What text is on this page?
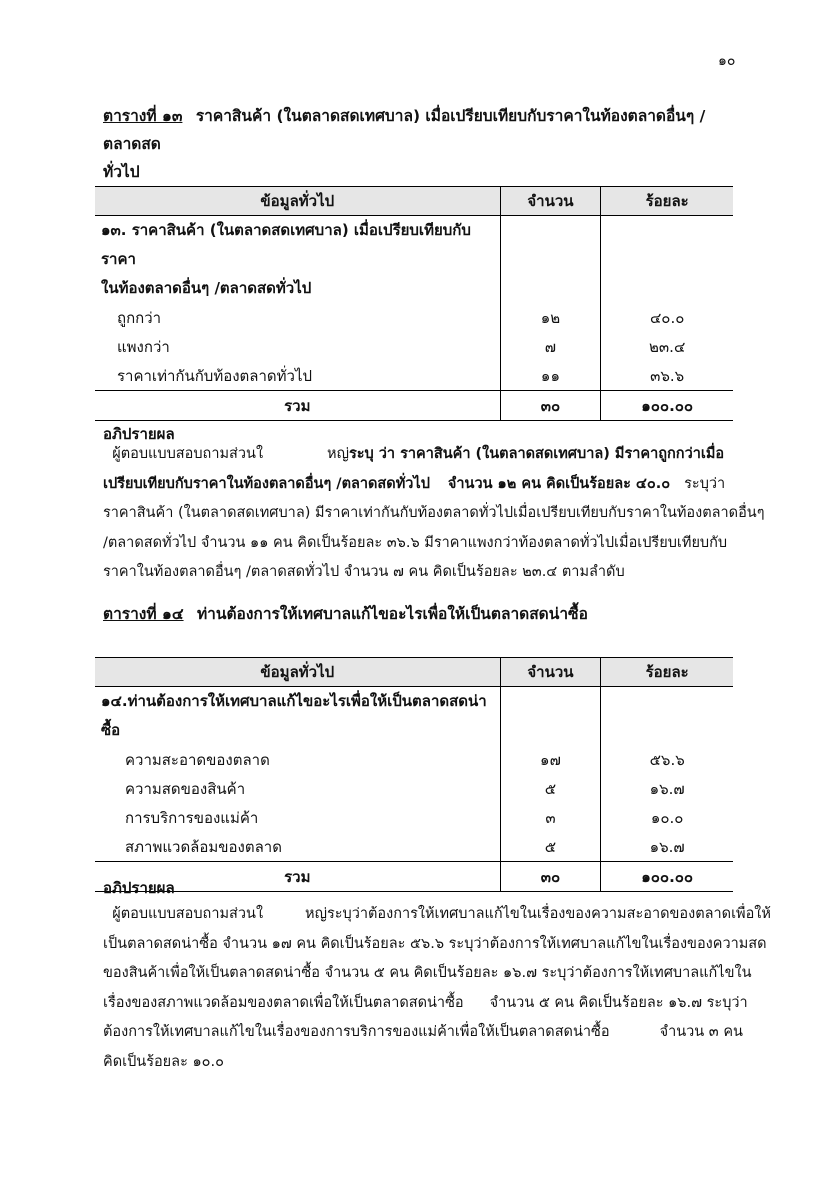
๑๐
ตารางที่ ๑๓ ราคาสินค้า (ในตลาดสดเทศบาล) เมื่อเปรียบเทียบกับราคาในท้องตลาดอื่นๆ /ตลาดสด
ทั่วไป
ข้อมูลทั่วไป	จำนวน	ร้อยละ
๑๓. ราคาสินค้า (ในตลาดสดเทศบาล) เมื่อเปรียบเทียบกับราคา
ในท้องตลาดอื่นๆ /ตลาดสดทั่วไป		
ถูกกว่า	๑๒	๔๐.๐
แพงกว่า	๗	๒๓.๔
ราคาเท่ากันกับท้องตลาดทั่วไป	๑๑	๓๖.๖
รวม	๓๐	๑๐๐.๐๐
อภิปรายผล
ผู้ตอบแบบสอบถามส่วนใ	หญ่ระบุ ว่า ราคาสินค้า (ในตลาดสดเทศบาล) มีราคาถูกกว่าเมื่อ
เปรียบเทียบกับราคาในท้องตลาดอื่นๆ /ตลาดสดทั่วไป จำนวน ๑๒ คน คิดเป็นร้อยละ ๔๐.๐ ระบุว่า
ราคาสินค้า (ในตลาดสดเทศบาล) มีราคาเท่ากันกับท้องตลาดทั่วไปเมื่อเปรียบเทียบกับราคาในท้องตลาดอื่นๆ
/ตลาดสดทั่วไป จำนวน ๑๑ คน คิดเป็นร้อยละ ๓๖.๖ มีราคาแพงกว่าท้องตลาดทั่วไปเมื่อเปรียบเทียบกับ
ราคาในท้องตลาดอื่นๆ /ตลาดสดทั่วไป จำนวน ๗ คน คิดเป็นร้อยละ ๒๓.๔ ตามลำดับ
ตารางที่ ๑๔ ท่านต้องการให้เทศบาลแก้ไขอะไรเพื่อให้เป็นตลาดสดน่าซื้อ
ข้อมูลทั่วไป	จำนวน	ร้อยละ
๑๔.ท่านต้องการให้เทศบาลแก้ไขอะไรเพื่อให้เป็นตลาดสดน่าซื้อ		
ความสะอาดของตลาด	๑๗	๕๖.๖
ความสดของสินค้า	๕	๑๖.๗
การบริการของแม่ค้า	๓	๑๐.๐
สภาพแวดล้อมของตลาด	๕	๑๖.๗
รวม	๓๐	๑๐๐.๐๐
อภิปรายผล
ผู้ตอบแบบสอบถามส่วนใ	หญ่ระบุว่าต้องการให้เทศบาลแก้ไขในเรื่องของความสะอาดของตลาดเพื่อให้
เป็นตลาดสดน่าซื้อ จำนวน ๑๗ คน คิดเป็นร้อยละ ๕๖.๖ ระบุว่าต้องการให้เทศบาลแก้ไขในเรื่องของความสด
ของสินค้าเพื่อให้เป็นตลาดสดน่าซื้อ จำนวน ๕ คน คิดเป็นร้อยละ ๑๖.๗ ระบุว่าต้องการให้เทศบาลแก้ไขใน
เรื่องของสภาพแวดล้อมของตลาดเพื่อให้เป็นตลาดสดน่าซื้อ จำนวน ๕ คน คิดเป็นร้อยละ ๑๖.๗ ระบุว่า
ต้องการให้เทศบาลแก้ไขในเรื่องของการบริการของแม่ค้าเพื่อให้เป็นตลาดสดน่าซื้อ	จำนวน ๓ คน
คิดเป็นร้อยละ ๑๐.๐
